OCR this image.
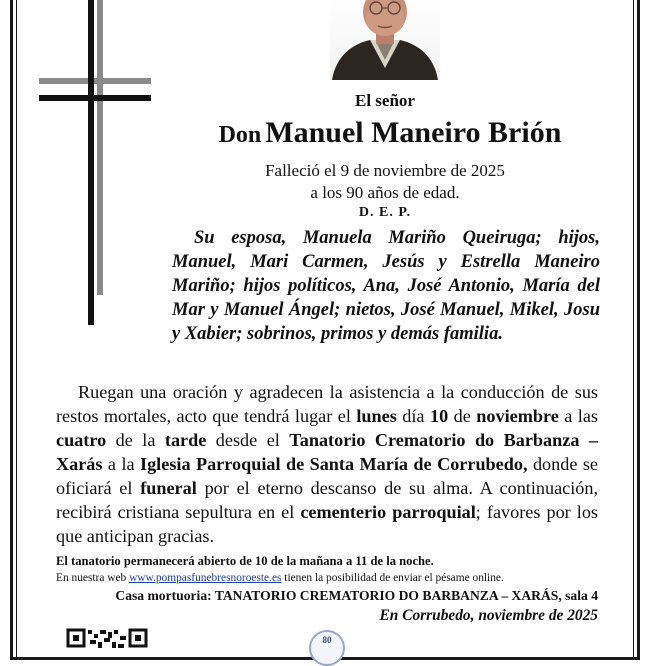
El señor
Don Manuel Maneiro Brión
Falleció el 9 de noviembre de 2025
a los 90 años de edad.
D. E. P.
Su esposa, Manuela Mariño Queiruga; hijos, Manuel, Mari Carmen, Jesús y Estrella Maneiro Mariño; hijos políticos, Ana, José Antonio, María del Mar y Manuel Ángel; nietos, José Manuel, Mikel, Josu y Xabier; sobrinos, primos y demás familia.
Ruegan una oración y agradecen la asistencia a la conducción de sus restos mortales, acto que tendrá lugar el lunes día 10 de noviembre a las cuatro de la tarde desde el Tanatorio Crematorio do Barbanza – Xarás a la Iglesia Parroquial de Santa María de Corrubedo, donde se oficiará el funeral por el eterno descanso de su alma. A continuación, recibirá cristiana sepultura en el cementerio parroquial; favores por los que anticipan gracias.
El tanatorio permanecerá abierto de 10 de la mañana a 11 de la noche.
En nuestra web www.pompasfunebresnoroeste.es tienen la posibilidad de enviar el pésame online.
Casa mortuoria: TANATORIO CREMATORIO DO BARBANZA – XARÁS, sala 4
En Corrubedo, noviembre de 2025
80
